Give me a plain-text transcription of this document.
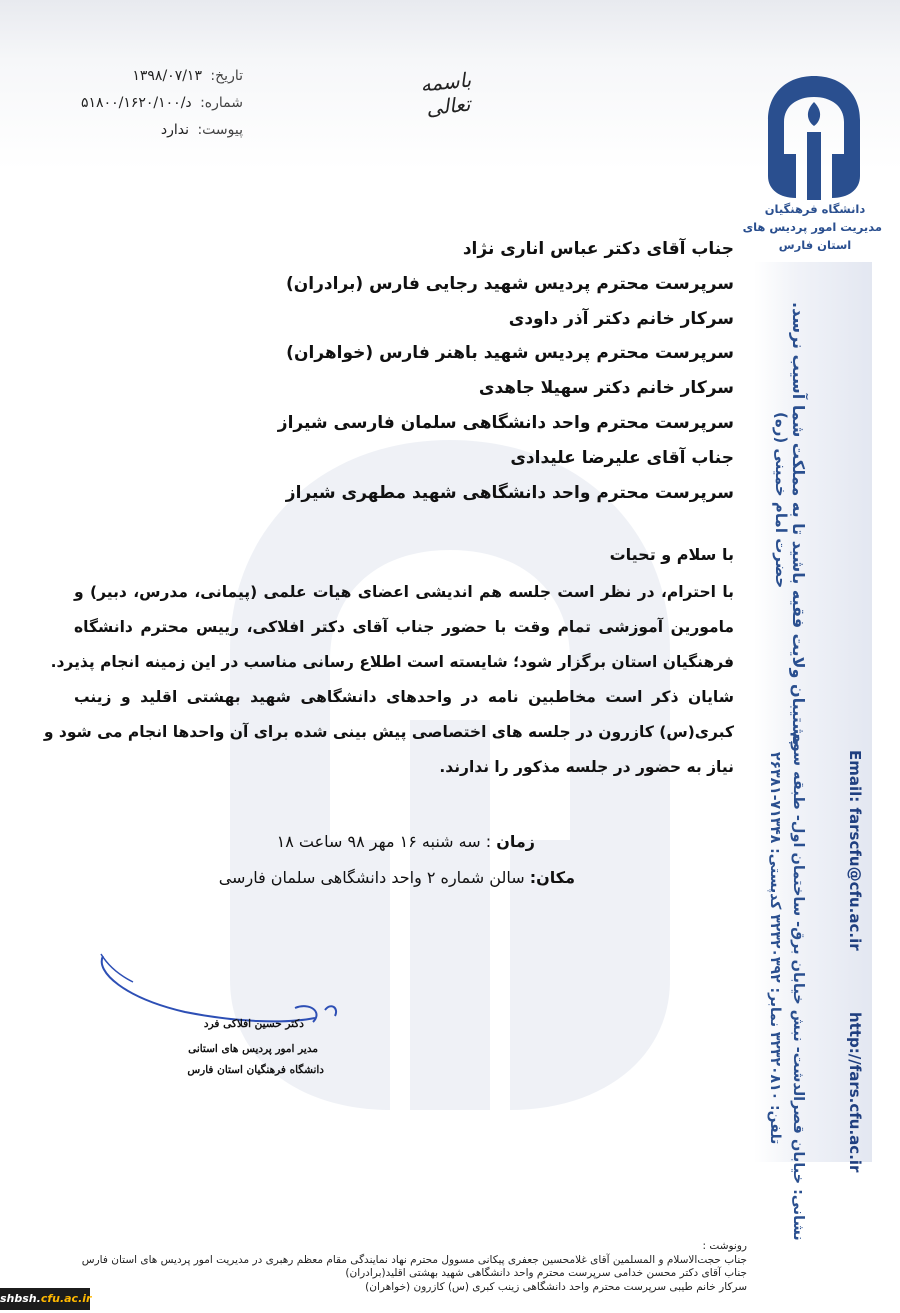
تاریخ: ۱۳۹۸/۰۷/۱۳
شماره: د/۵۱۸۰۰/۱۶۲۰/۱۰۰
پیوست: ندارد
باسمه تعالی
دانشگاه فرهنگیان
مدیریت امور پردیس های
استان فارس
پشتیبان ولایت فقیه باشید تا به مملکت شما آسیب نرسد.
حضرت امام خمینی (ره)
نشانی: خیابان قصرالدشت- نبش خیابان برق- ساختمان اول- طبقه سوم
تلفن: ۳۲۳۲۰۸۱۰ نمابر: ۳۲۳۲۰۳۹۲ کدپستی: ۷۱۳۴۸-۲۶۳۸۱
Email: farscfu@cfu.ac.ir
http://fars.cfu.ac.ir
جناب آقای دکتر عباس اناری نژاد
سرپرست محترم پردیس شهید رجایی فارس (برادران)
سرکار خانم دکتر آذر داودی
سرپرست محترم پردیس شهید باهنر فارس (خواهران)
سرکار خانم دکتر سهیلا جاهدی
سرپرست محترم واحد دانشگاهی سلمان فارسی شیراز
جناب آقای علیرضا علیدادی
سرپرست محترم واحد دانشگاهی شهید مطهری شیراز
با سلام و تحیات
با احترام، در نظر است جلسه هم اندیشی اعضای هیات علمی (پیمانی، مدرس، دبیر) و
مامورین آموزشی تمام وقت با حضور جناب آقای دکتر افلاکی، رییس محترم دانشگاه
فرهنگیان استان برگزار شود؛ شایسته است اطلاع رسانی مناسب در این زمینه انجام پذیرد.
شایان ذکر است مخاطبین نامه در واحدهای دانشگاهی شهید بهشتی اقلید و زینب
کبری(س) کازرون در جلسه های اختصاصی پیش بینی شده برای آن واحدها انجام می شود و
نیاز به حضور در جلسه مذکور را ندارند.
زمان : سه شنبه ۱۶ مهر ۹۸ ساعت ۱۸
مکان: سالن شماره ۲ واحد دانشگاهی سلمان فارسی
دکتر حسین افلاکی فرد
مدیر امور پردیس های استانی
دانشگاه فرهنگیان استان فارس
رونوشت :
جناب حجت‌الاسلام و المسلمین آقای غلامحسین جعفری پیکانی مسوول محترم نهاد نمایندگی مقام معظم رهبری در مدیریت امور پردیس های استان فارس
جناب آقای دکتر محسن خدامی سرپرست محترم واحد دانشگاهی شهید بهشتی اقلید(برادران)
سرکار خانم طیبی سرپرست محترم واحد دانشگاهی زینب کبری (س) کازرون (خواهران)
shbsh.cfu.ac.ir
